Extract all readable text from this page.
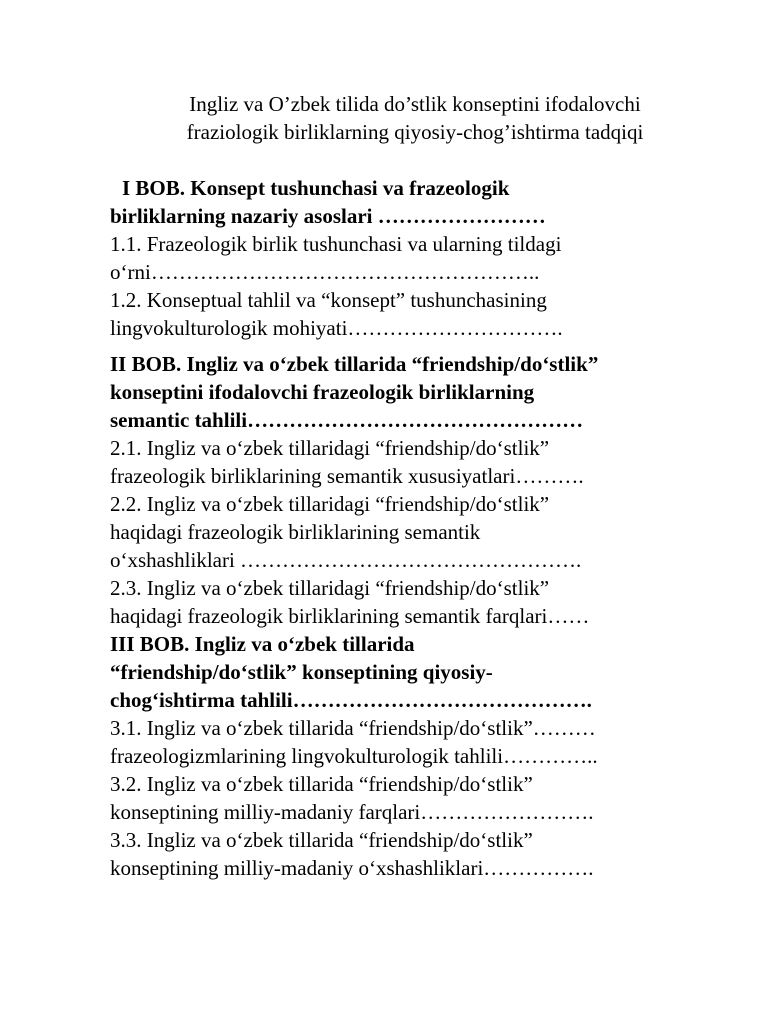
Ingliz va O’zbek tilida do’stlik konseptini ifodalovchi
fraziologik birliklarning qiyosiy-chog’ishtirma tadqiqi
I BOB. Konsept tushunchasi va frazeologik
birliklarning nazariy asoslari ……………………
1.1. Frazeologik birlik tushunchasi va ularning tildagi
o‘rni………………………………………………..
1.2. Konseptual tahlil va “konsept” tushunchasining
lingvokulturologik mohiyati………………………….
II BOB. Ingliz va o‘zbek tillarida “friendship/do‘stlik”
konseptini ifodalovchi frazeologik birliklarning
semantic tahlili…………………………………………
2.1. Ingliz va o‘zbek tillaridagi “friendship/do‘stlik”
frazeologik birliklarining semantik xususiyatlari……….
2.2. Ingliz va o‘zbek tillaridagi “friendship/do‘stlik”
haqidagi frazeologik birliklarining semantik
o‘xshashliklari ………………………………………….
2.3. Ingliz va o‘zbek tillaridagi “friendship/do‘stlik”
haqidagi frazeologik birliklarining semantik farqlari……
III BOB. Ingliz va o‘zbek tillarida
“friendship/do‘stlik” konseptining qiyosiy-
chog‘ishtirma tahlili…………………………………….
3.1. Ingliz va o‘zbek tillarida “friendship/do‘stlik”………
frazeologizmlarining lingvokulturologik tahlili…………..
3.2. Ingliz va o‘zbek tillarida “friendship/do‘stlik”
konseptining milliy-madaniy farqlari…………………….
3.3. Ingliz va o‘zbek tillarida “friendship/do‘stlik”
konseptining milliy-madaniy o‘xshashliklari…………….
